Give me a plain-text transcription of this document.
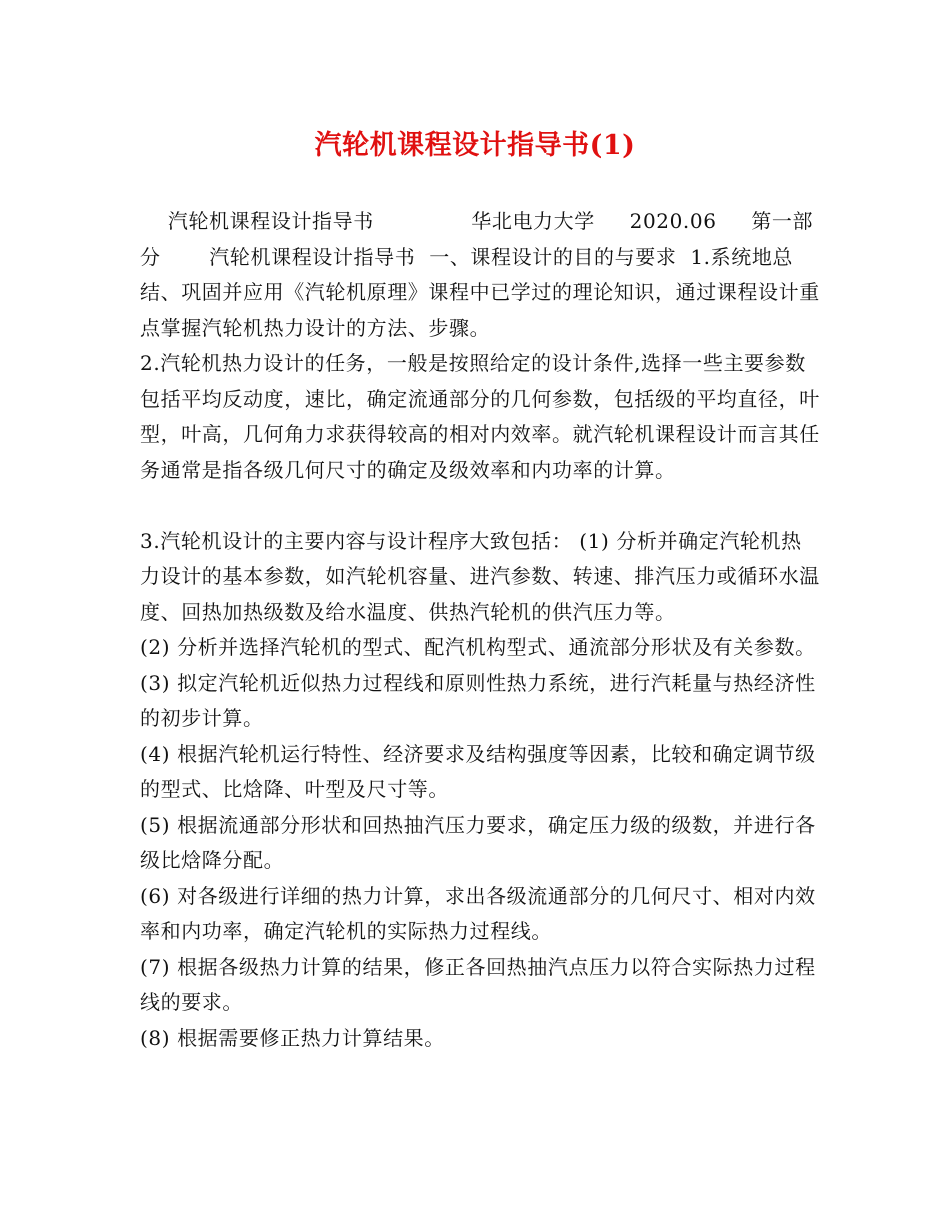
汽轮机课程设计指导书(1)

汽轮机课程设计指导书              华北电力大学     2020.06     第一部分       汽轮机课程设计指导书  一、课程设计的目的与要求  1.系统地总结、巩固并应用《汽轮机原理》课程中已学过的理论知识，通过课程设计重点掌握汽轮机热力设计的方法、步骤。

2.汽轮机热力设计的任务，一般是按照给定的设计条件,选择一些主要参数包括平均反动度，速比，确定流通部分的几何参数，包括级的平均直径，叶型，叶高，几何角力求获得较高的相对内效率。就汽轮机课程设计而言其任务通常是指各级几何尺寸的确定及级效率和内功率的计算。

3.汽轮机设计的主要内容与设计程序大致包括： (1) 分析并确定汽轮机热力设计的基本参数，如汽轮机容量、进汽参数、转速、排汽压力或循环水温度、回热加热级数及给水温度、供热汽轮机的供汽压力等。

(2) 分析并选择汽轮机的型式、配汽机构型式、通流部分形状及有关参数。

(3) 拟定汽轮机近似热力过程线和原则性热力系统，进行汽耗量与热经济性的初步计算。

(4) 根据汽轮机运行特性、经济要求及结构强度等因素，比较和确定调节级的型式、比焓降、叶型及尺寸等。

(5) 根据流通部分形状和回热抽汽压力要求，确定压力级的级数，并进行各级比焓降分配。

(6) 对各级进行详细的热力计算，求出各级流通部分的几何尺寸、相对内效率和内功率，确定汽轮机的实际热力过程线。

(7) 根据各级热力计算的结果，修正各回热抽汽点压力以符合实际热力过程线的要求。

(8) 根据需要修正热力计算结果。
